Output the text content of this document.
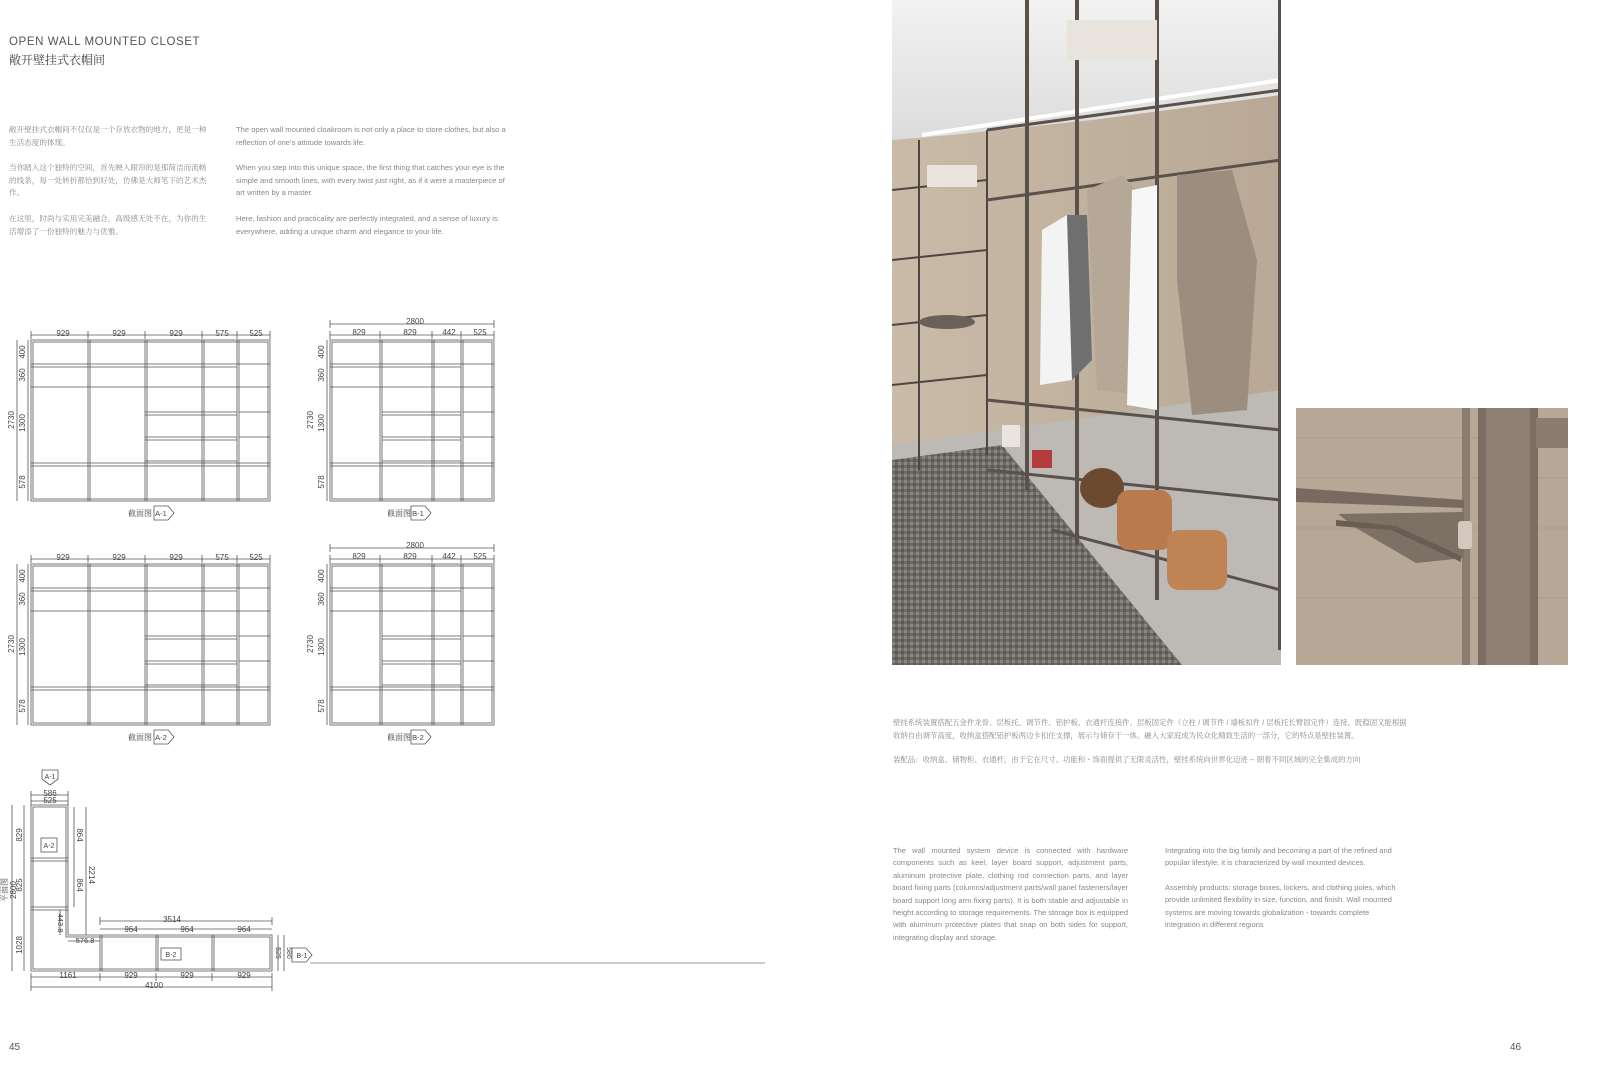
OPEN WALL MOUNTED CLOSET
敞开壁挂式衣帽间

敞开壁挂式衣帽间不仅仅是一个存放衣物的地方，更是一种生活态度的体现。

当你踏入这个独特的空间，首先映入眼帘的是那简洁而流畅的线条，每一处转折都恰到好处，仿佛是大师笔下的艺术杰作。

在这里，时尚与实用完美融合，高级感无处不在，为你的生活增添了一份独特的魅力与优雅。

The open wall mounted cloakroom is not only a place to store clothes, but also a reflection of one's attitude towards life.

When you step into this unique space, the first thing that catches your eye is the simple and smooth lines, with every twist just right, as if it were a masterpiece of art written by a master.

Here, fashion and practicality are perfectly integrated, and a sense of luxury is everywhere, adding a unique charm and elegance to your life.

929	929	929	575	525
400
360
1300
578
2730
截面图 A-1
2800
829	829	442 525
400
360
1300
578
2730
截面图 B-1
929	929	929	575	525
400
360
1300
578
2730
截面图 A-2
2800
829	829	442 525
400
360
1300
578
2730
截面图 B-2
A-1
586
525
A-2
B-2	B-1
829
825
1028
2800
平面图
864
864
2214
443.8
576.8
3514
964	964	964
525 586
1161	929	929	929
4100
45

壁挂系统装置搭配五金件龙骨、层板托、调节件、铝护板、衣通杆连接件、层板固定件（立柱 / 调节件 / 墙板扣件 / 层板托长臂固定件）连接，既稳固又能根据收纳自由调节高度，收纳盒搭配铝护板两边卡扣住支撑，展示与储存于一体。融入大家庭成为民众化精致生活的一部分，它的特点是壁挂装置。

装配品：收纳盒、储物柜、衣通杆，由于它在尺寸、功能和・饰面提供了无限灵活性，壁挂系统向世界化迈进 -- 朝着不同区域的完全集成的方向

The wall mounted system device is connected with hardware components such as keel, layer board support, adjustment parts, aluminum protective plate, clothing rod connection parts, and layer board fixing parts (columns/adjustment parts/wall panel fasteners/layer board support long arm fixing parts). It is both stable and adjustable in height according to storage requirements. The storage box is equipped with aluminum protective plates that snap on both sides for support, integrating display and storage.

Integrating into the big family and becoming a part of the refined and popular lifestyle, it is characterized by wall mounted devices.

Assembly products: storage boxes, lockers, and clothing poles, which provide unlimited flexibility in size, function, and finish. Wall mounted systems are moving towards globalization - towards complete integration in different regions

46
